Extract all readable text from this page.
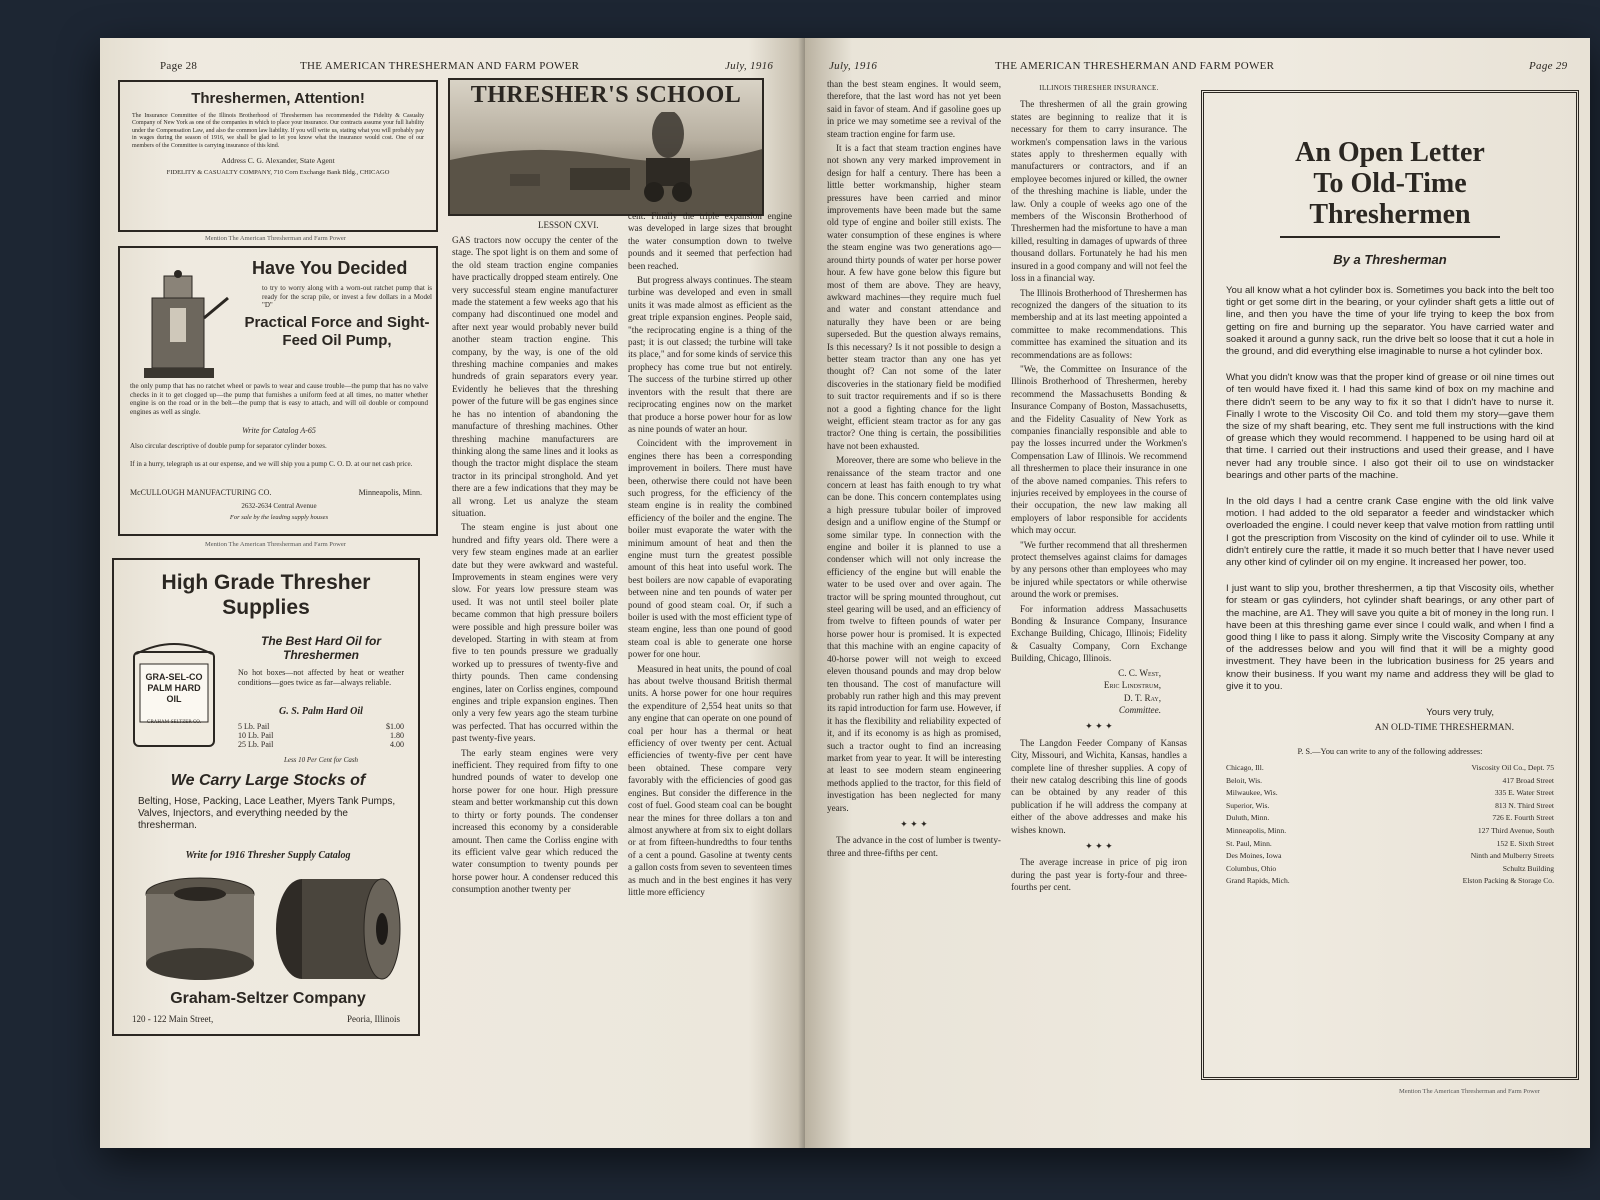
Page 28	THE AMERICAN THRESHERMAN AND FARM POWER	July, 1916
Threshermen, Attention!
The Insurance Committee of the Illinois Brotherhood of Threshermen has recommended the Fidelity & Casualty Company of New York as one of the companies in which to place your insurance. Our contracts assume your full liability under the Compensation Law, and also the common law liability. If you will write us, stating what you will probably pay in wages during the season of 1916, we shall be glad to let you know what the insurance would cost. One of our members of the Committee is carrying insurance of this kind.
Address C. G. Alexander, State Agent
FIDELITY & CASUALTY COMPANY, 710 Corn Exchange Bank Bldg., CHICAGO
Mention The American Thresherman and Farm Power
Have You Decided
to try to worry along with a worn-out ratchet pump that is ready for the scrap pile, or invest a few dollars in a Model "D"
Practical Force and Sight-Feed Oil Pump,
the only pump that has no ratchet wheel or pawls to wear and cause trouble—the pump that has no valve checks in it to get clogged up—the pump that furnishes a uniform feed at all times, no matter whether engine is on the road or in the belt—the pump that is easy to attach, and will oil double or compound engines as well as single.
Write for Catalog A-65
Also circular descriptive of double pump for separator cylinder boxes.
If in a hurry, telegraph us at our expense, and we will ship you a pump C. O. D. at our net cash price.
McCULLOUGH MANUFACTURING CO.	Minneapolis, Minn.
2632-2634 Central Avenue
For sale by the leading supply houses
Mention The American Thresherman and Farm Power
High Grade Thresher Supplies
GRA-SEL-CO PALM HARD OIL
GRAHAM-SELTZER CO.
The Best Hard Oil for Threshermen
No hot boxes—not affected by heat or weather conditions—goes twice as far—always reliable.
G. S. Palm Hard Oil
5 Lb. Pail	$1.00
10 Lb. Pail	1.80
25 Lb. Pail	4.00
Less 10 Per Cent for Cash
We Carry Large Stocks of
Belting, Hose, Packing, Lace Leather, Myers Tank Pumps, Valves, Injectors, and everything needed by the thresherman.
Write for 1916 Thresher Supply Catalog
Graham-Seltzer Company
120 - 122 Main Street,	Peoria, Illinois
THRESHER'S SCHOOL
LESSON CXVI.

GAS tractors now occupy the center of the stage. The spot light is on them and some of the old steam traction engine companies have practically dropped steam entirely. One very successful steam engine manufacturer made the statement a few weeks ago that his company had discontinued one model and after next year would probably never build another steam traction engine. This company, by the way, is one of the old threshing machine companies and makes hundreds of grain separators every year. Evidently he believes that the threshing power of the future will be gas engines since he has no intention of abandoning the manufacture of threshing machines. Other threshing machine manufacturers are thinking along the same lines and it looks as though the tractor might displace the steam tractor in its principal stronghold. And yet there are a few indications that they may be all wrong. Let us analyze the steam situation.

The steam engine is just about one hundred and fifty years old. There were a very few steam engines made at an earlier date but they were awkward and wasteful. Improvements in steam engines were very slow. For years low pressure steam was used. It was not until steel boiler plate became common that high pressure boilers were possible and high pressure boiler was developed. Starting in with steam at from five to ten pounds pressure we gradually worked up to pressures of twenty-five and thirty pounds. Then came condensing engines, later on Corliss engines, compound engines and triple expansion engines. Then only a very few years ago the steam turbine was perfected. That has occurred within the past twenty-five years.

The early steam engines were very inefficient. They required from fifty to one hundred pounds of water to develop one horse power for one hour. High pressure steam and better workmanship cut this down to thirty or forty pounds. The condenser increased this economy by a considerable amount. Then came the Corliss engine with its efficient valve gear which reduced the water consumption to twenty pounds per horse power hour. A condenser reduced this consumption another twenty per

cent. Finally the triple expansion engine was developed in large sizes that brought the water consumption down to twelve pounds and it seemed that perfection had been reached.

But progress always continues. The steam turbine was developed and even in small units it was made almost as efficient as the great triple expansion engines. People said, "the reciprocating engine is a thing of the past; it is out classed; the turbine will take its place," and for some kinds of service this prophecy has come true but not entirely. The success of the turbine stirred up other inventors with the result that there are reciprocating engines now on the market that produce a horse power hour for as low as nine pounds of water an hour.

Coincident with the improvement in engines there has been a corresponding improvement in boilers. There must have been, otherwise there could not have been such progress, for the efficiency of the steam engine is in reality the combined efficiency of the boiler and the engine. The boiler must evaporate the water with the minimum amount of heat and then the engine must turn the greatest possible amount of this heat into useful work. The best boilers are now capable of evaporating between nine and ten pounds of water per pound of good steam coal. Or, if such a boiler is used with the most efficient type of steam engine, less than one pound of good steam coal is able to generate one horse power for one hour.

Measured in heat units, the pound of coal has about twelve thousand British thermal units. A horse power for one hour requires the expenditure of 2,554 heat units so that any engine that can operate on one pound of coal per hour has a thermal or heat efficiency of over twenty per cent. Actual efficiencies of twenty-five per cent have been obtained. These compare very favorably with the efficiencies of good gas engines. But consider the difference in the cost of fuel. Good steam coal can be bought near the mines for three dollars a ton and almost anywhere at from six to eight dollars or at from fifteen-hundredths to four tenths of a cent a pound. Gasoline at twenty cents a gallon costs from seven to seventeen times as much and in the best engines it has very little more efficiency

July, 1916	THE AMERICAN THRESHERMAN AND FARM POWER	Page 29

than the best steam engines. It would seem, therefore, that the last word has not yet been said in favor of steam. And if gasoline goes up in price we may sometime see a revival of the steam traction engine for farm use.

It is a fact that steam traction engines have not shown any very marked improvement in design for half a century. There has been a little better workmanship, higher steam pressures have been carried and minor improvements have been made but the same old type of engine and boiler still exists. The water consumption of these engines is where the steam engine was two generations ago—around thirty pounds of water per horse power hour. A few have gone below this figure but most of them are above. They are heavy, awkward machines—they require much fuel and water and constant attendance and naturally they have been or are being superseded. But the question always remains, Is this necessary? Is it not possible to design a better steam tractor than any one has yet thought of? Can not some of the later discoveries in the stationary field be modified to suit tractor requirements and if so is there not a good a fighting chance for the light weight, efficient steam tractor as for any gas tractor? One thing is certain, the possibilities have not been exhausted.

Moreover, there are some who believe in the renaissance of the steam tractor and one concern at least has faith enough to try what can be done. This concern contemplates using a high pressure tubular boiler of improved design and a uniflow engine of the Stumpf or some similar type. In connection with the engine and boiler it is planned to use a condenser which will not only increase the efficiency of the engine but will enable the water to be used over and over again. The tractor will be spring mounted throughout, cut steel gearing will be used, and an efficiency of from twelve to fifteen pounds of water per horse power hour is promised. It is expected that this machine with an engine capacity of 40-horse power will not weigh to exceed eleven thousand pounds and may drop below ten thousand. The cost of manufacture will probably run rather high and this may prevent its rapid introduction for farm use. However, if it has the flexibility and reliability expected of it, and if its economy is as high as promised, such a tractor ought to find an increasing market from year to year. It will be interesting at least to see modern steam engineering methods applied to the tractor, for this field of investigation has been neglected for many years.

✦ ✦ ✦

The advance in the cost of lumber is twenty-three and three-fifths per cent.

ILLINOIS THRESHER INSURANCE.

The threshermen of all the grain growing states are beginning to realize that it is necessary for them to carry insurance. The workmen's compensation laws in the various states apply to threshermen equally with manufacturers or contractors, and if an employee becomes injured or killed, the owner of the threshing machine is liable, under the law. Only a couple of weeks ago one of the members of the Wisconsin Brotherhood of Threshermen had the misfortune to have a man killed, resulting in damages of upwards of three thousand dollars. Fortunately he had his men insured in a good company and will not feel the loss in a financial way.

The Illinois Brotherhood of Threshermen has recognized the dangers of the situation to its membership and at its last meeting appointed a committee to make recommendations. This committee has examined the situation and its recommendations are as follows:

"We, the Committee on Insurance of the Illinois Brotherhood of Threshermen, hereby recommend the Massachusetts Bonding & Insurance Company of Boston, Massachusetts, and the Fidelity Casuality of New York as companies financially responsible and able to pay the losses incurred under the Workmen's Compensation Law of Illinois. We recommend all threshermen to place their insurance in one of the above named companies. This refers to injuries received by employees in the course of their occupation, the new law making all employers of labor responsible for accidents which may occur.

"We further recommend that all threshermen protect themselves against claims for damages by any persons other than employees who may be injured while spectators or while otherwise around the work or premises.

For information address Massachusetts Bonding & Insurance Company, Insurance Exchange Building, Chicago, Illinois; Fidelity & Casualty Company, Corn Exchange Building, Chicago, Illinois.

C. C. West,
Eric Lindstrum,
D. T. Ray,
Committee.
✦ ✦ ✦

The Langdon Feeder Company of Kansas City, Missouri, and Wichita, Kansas, handles a complete line of thresher supplies. A copy of their new catalog describing this line of goods can be obtained by any reader of this publication if he will address the company at either of the above addresses and make his wishes known.

✦ ✦ ✦

The average increase in price of pig iron during the past year is forty-four and three-fourths per cent.

An Open Letter To Old-Time Threshermen
By a Thresherman

You all know what a hot cylinder box is. Sometimes you back into the belt too tight or get some dirt in the bearing, or your cylinder shaft gets a little out of line, and then you have the time of your life trying to keep the box from getting on fire and burning up the separator. You have carried water and soaked it around a gunny sack, run the drive belt so loose that it cut a hole in the ground, and did everything else imaginable to nurse a hot cylinder box.

What you didn't know was that the proper kind of grease or oil nine times out of ten would have fixed it. I had this same kind of box on my machine and there didn't seem to be any way to fix it so that I didn't have to nurse it. Finally I wrote to the Viscosity Oil Co. and told them my story—gave them the size of my shaft bearing, etc. They sent me full instructions with the kind of grease which they would recommend. I happened to be using hard oil at that time. I carried out their instructions and used their grease, and I have never had any trouble since. I also got their oil to use on windstacker bearings and other parts of the machine.

In the old days I had a centre crank Case engine with the old link valve motion. I had added to the old separator a feeder and windstacker which overloaded the engine. I could never keep that valve motion from rattling until I got the prescription from Viscosity on the kind of cylinder oil to use. While it didn't entirely cure the rattle, it made it so much better that I have never used any other kind of cylinder oil on my engine. It increased her power, too.

I just want to slip you, brother threshermen, a tip that Viscosity oils, whether for steam or gas cylinders, hot cylinder shaft bearings, or any other part of the machine, are A1. They will save you quite a bit of money in the long run. I have been at this threshing game ever since I could walk, and when I find a good thing I like to pass it along. Simply write the Viscosity Company at any of the addresses below and you will find that it will be a mighty good investment. They have been in the lubrication business for 25 years and know their business. If you want my name and address they will be glad to give it to you.

Yours very truly,
AN OLD-TIME THRESHERMAN.
P. S.—You can write to any of the following addresses:
Chicago, Ill.	Viscosity Oil Co., Dept. 75
Beloit, Wis.	417 Broad Street
Milwaukee, Wis.	335 E. Water Street
Superior, Wis.	813 N. Third Street
Duluth, Minn.	726 E. Fourth Street
Minneapolis, Minn.	127 Third Avenue, South
St. Paul, Minn.	152 E. Sixth Street
Des Moines, Iowa	Ninth and Mulberry Streets
Columbus, Ohio	Schultz Building
Grand Rapids, Mich.	Elston Packing & Storage Co.
Mention The American Thresherman and Farm Power
